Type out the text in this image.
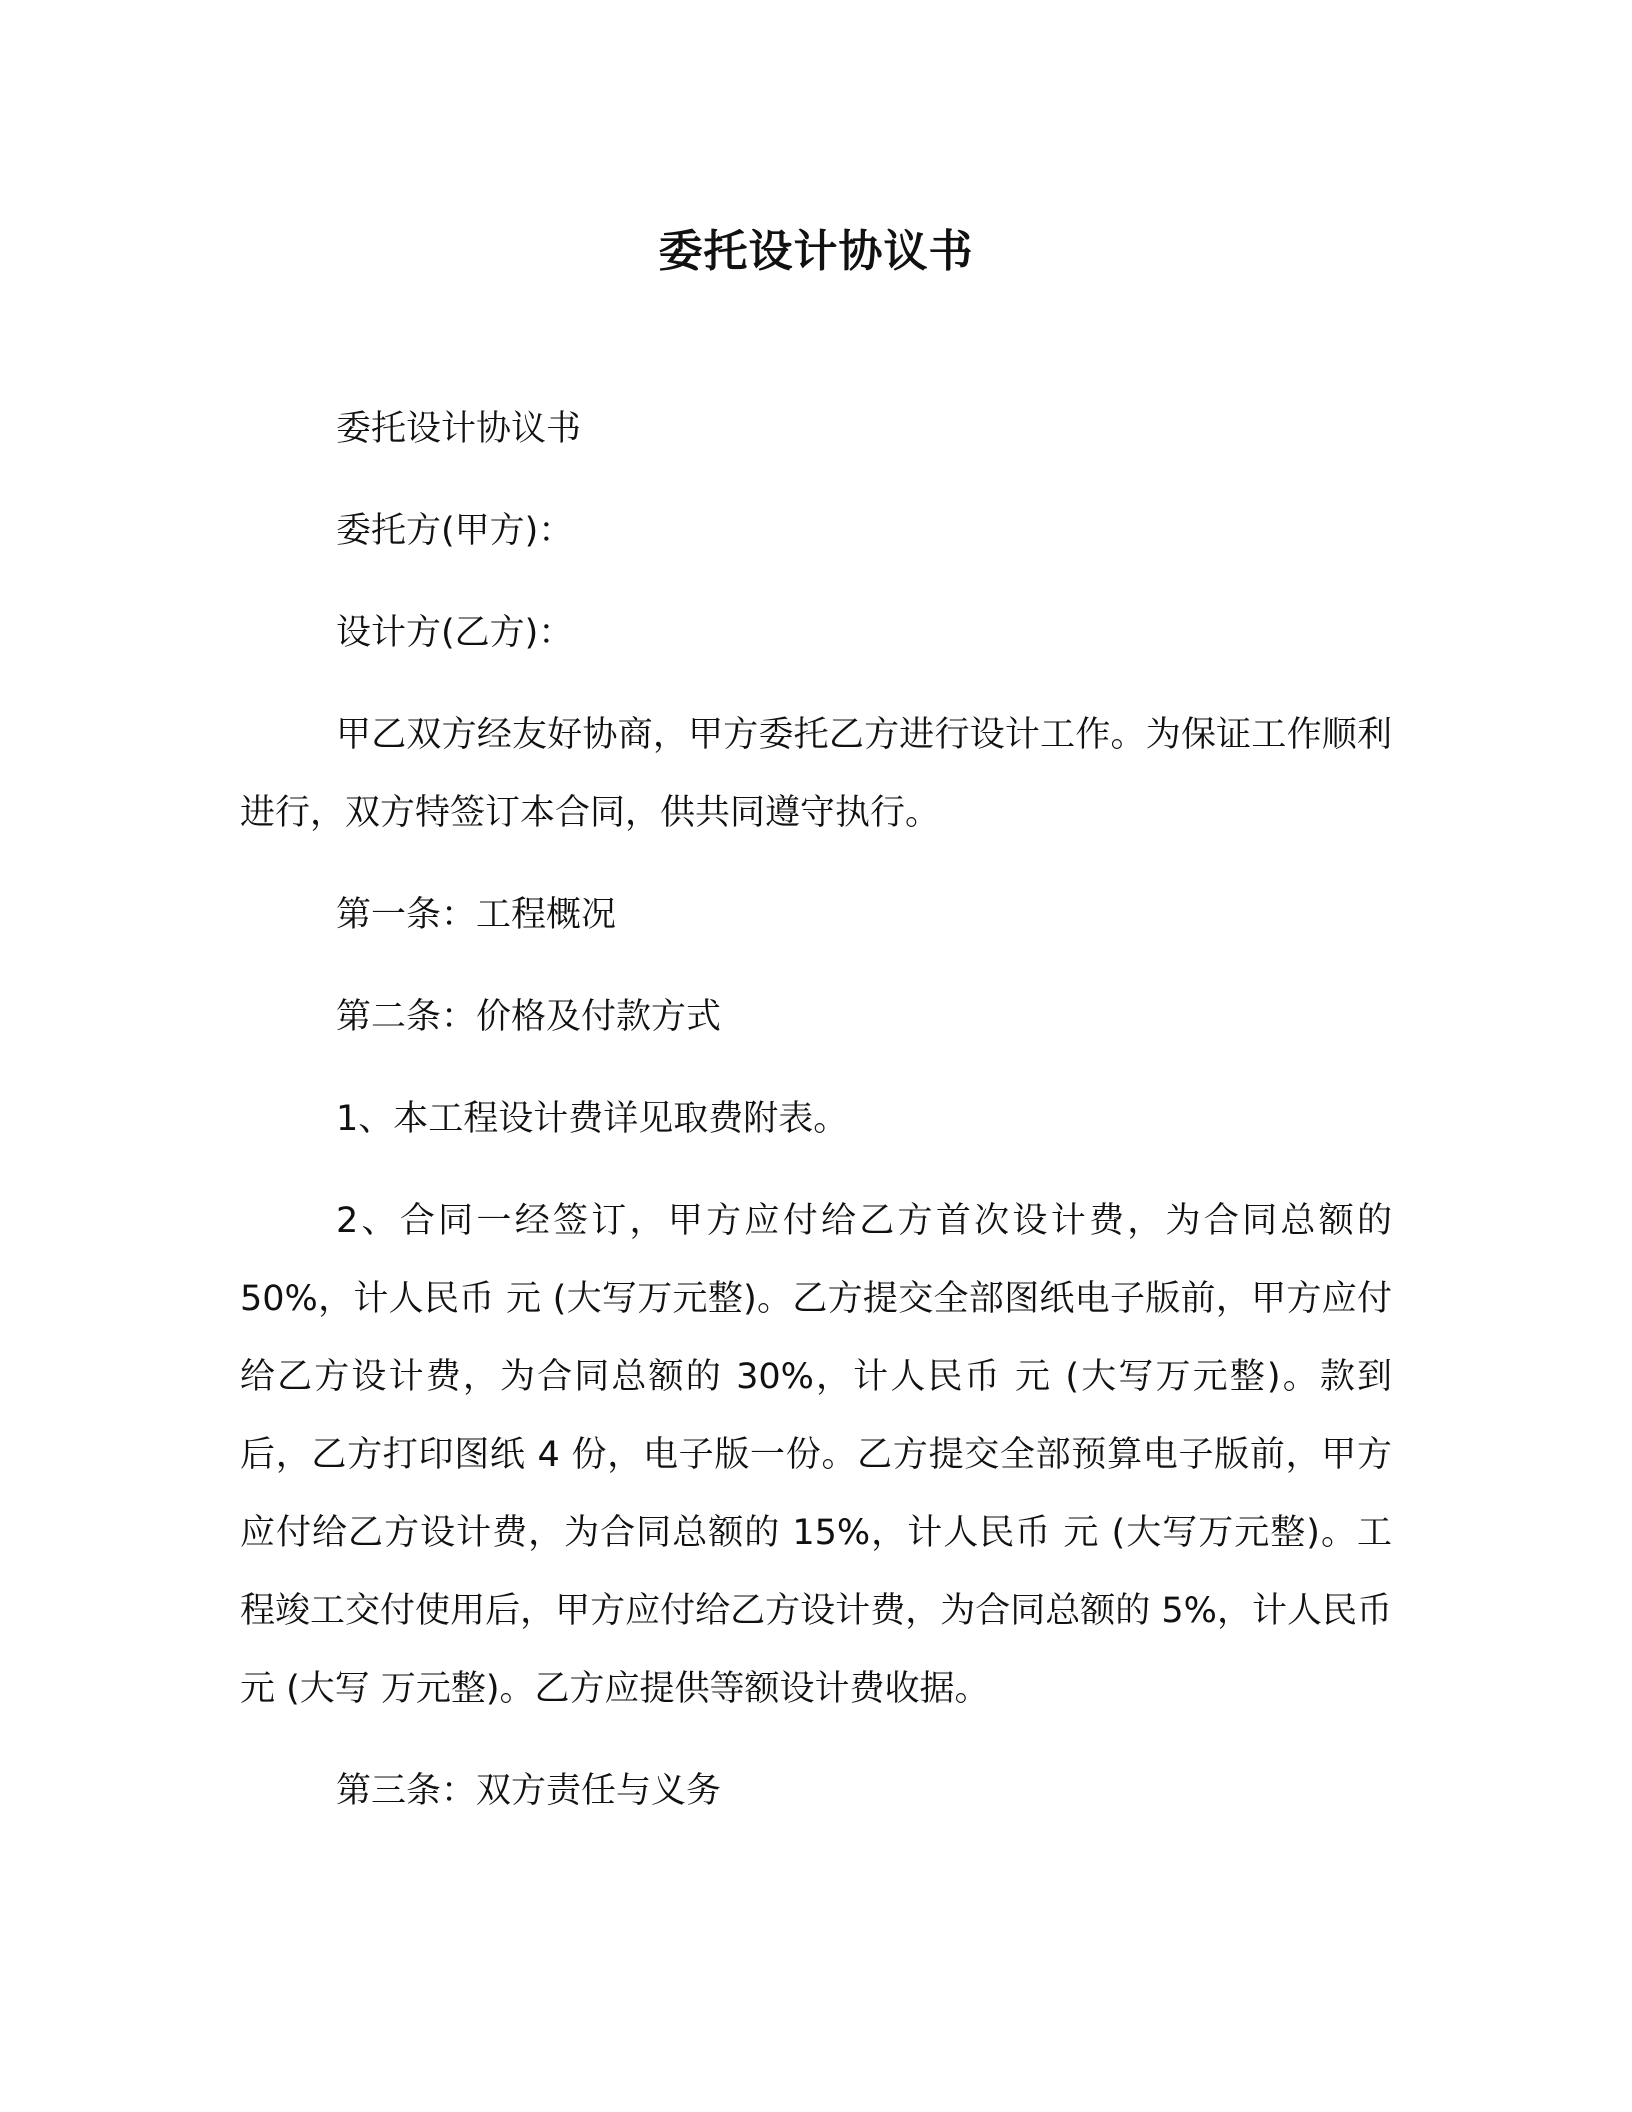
委托设计协议书

委托设计协议书

委托方(甲方)：

设计方(乙方)：

甲乙双方经友好协商，甲方委托乙方进行设计工作。为保证工作顺利进行，双方特签订本合同，供共同遵守执行。

第一条：工程概况

第二条：价格及付款方式

1、本工程设计费详见取费附表。

2、合同一经签订，甲方应付给乙方首次设计费，为合同总额的 50%，计人民币 元 (大写万元整)。乙方提交全部图纸电子版前，甲方应付给乙方设计费，为合同总额的 30%，计人民币 元 (大写万元整)。款到后，乙方打印图纸 4 份，电子版一份。乙方提交全部预算电子版前，甲方应付给乙方设计费，为合同总额的 15%，计人民币 元 (大写万元整)。工程竣工交付使用后，甲方应付给乙方设计费，为合同总额的 5%，计人民币 元 (大写 万元整)。乙方应提供等额设计费收据。

第三条：双方责任与义务
